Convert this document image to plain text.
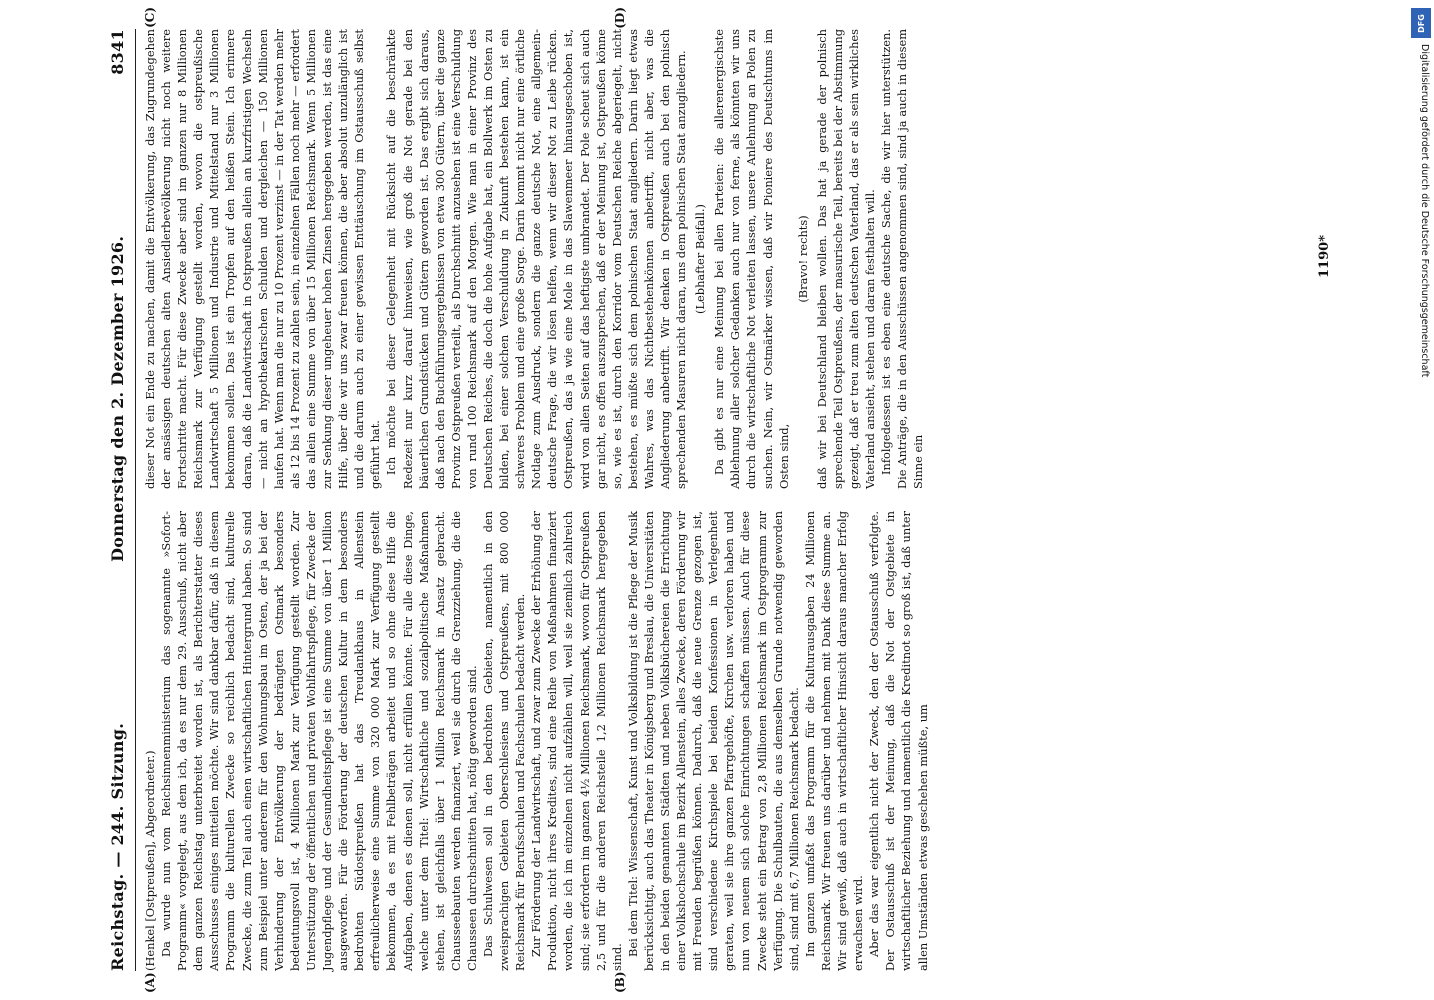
Reichstag. — 244. Sitzung.
Donnerstag den 2. Dezember 1926.
8341
(A)	(B)

(Henkel [Ostpreußen], Abgeordneter.) Da wurde nun vom Reichsinnenministerium das sogenannte »Sofort-Programm« vorgelegt, aus dem ich, da es nur dem 29. Ausschuß, nicht aber dem ganzen Reichstag unterbreitet worden ist, als Berichterstatter dieses Ausschusses einiges mitteilen möchte. Wir sind dankbar dafür, daß in diesem Programm die kulturellen Zwecke so reichlich bedacht sind, kulturelle Zwecke, die zum Teil auch einen wirtschaftlichen Hintergrund haben. So sind zum Beispiel unter anderem für den Wohnungsbau im Osten, der ja bei der Verhinderung der Entvölkerung der bedrängten Ostmark besonders bedeutungsvoll ist, 4 Millionen Mark zur Verfügung gestellt worden. Zur Unterstützung der öffentlichen und privaten Wohlfahrtspflege, für Zwecke der Jugendpflege und der Gesundheitspflege ist eine Summe von über 1 Million ausgeworfen. Für die Förderung der deutschen Kultur in dem besonders bedrohten Südostpreußen hat das Treudankhaus in Allenstein erfreulicherweise eine Summe von 320 000 Mark zur Verfügung gestellt bekommen, da es mit Fehlbeträgen arbeitet und so ohne diese Hilfe die Aufgaben, denen es dienen soll, nicht erfüllen könnte. Für alle diese Dinge, welche unter dem Titel: Wirtschaftliche und sozialpolitische Maßnahmen stehen, ist gleichfalls über 1 Million Reichsmark in Ansatz gebracht. Chausseebauten werden finanziert, weil sie durch die Grenzziehung, die die Chausseen durchschnitten hat, nötig geworden sind. Das Schulwesen soll in den bedrohten Gebieten, namentlich in den zweisprachigen Gebieten Oberschlesiens und Ostpreußens, mit 800 000 Reichsmark für Berufsschulen und Fachschulen bedacht werden. Zur Förderung der Landwirtschaft, und zwar zum Zwecke der Erhöhung der Produktion, nicht ihres Kredites, sind eine Reihe von Maßnahmen finanziert worden, die ich im einzelnen nicht aufzählen will, weil sie ziemlich zahlreich sind; sie erfordern im ganzen 4½ Millionen Reichsmark, wovon für Ostpreußen 2,5 und für die anderen Reichsteile 1,2 Millionen Reichsmark hergegeben sind.

Bei dem Titel: Wissenschaft, Kunst und Volksbildung ist die Pflege der Musik berücksichtigt, auch das Theater in Königsberg und Breslau, die Universitäten in den beiden genannten Städten und neben Volksbüchereien die Errichtung einer Volkshochschule im Bezirk Allenstein, alles Zwecke, deren Förderung wir mit Freuden begrüßen können. Dadurch, daß die neue Grenze gezogen ist, sind verschiedene Kirchspiele bei beiden Konfessionen in Verlegenheit geraten, weil sie ihre ganzen Pfarrgehöfte, Kirchen usw. verloren haben und nun von neuem sich solche Einrichtungen schaffen müssen. Auch für diese Zwecke steht ein Betrag von 2,8 Millionen Reichsmark im Ostprogramm zur Verfügung. Die Schulbauten, die aus demselben Grunde notwendig geworden sind, sind mit 6,7 Millionen Reichsmark bedacht. Im ganzen umfaßt das Programm für die Kulturausgaben 24 Millionen Reichsmark. Wir freuen uns darüber und nehmen mit Dank diese Summe an. Wir sind gewiß, daß auch in wirtschaftlicher Hinsicht daraus mancher Erfolg erwachsen wird. Aber das war eigentlich nicht der Zweck, den der Ostausschuß verfolgte. Der Ostausschuß ist der Meinung, daß die Not der Ostgebiete in wirtschaftlicher Beziehung und namentlich die Kreditnot so groß ist, daß unter allen Umständen etwas geschehen müßte, um

(C)	(D)

dieser Not ein Ende zu machen, damit die Entvölkerung, das Zugrundegehen der ansässigen deutschen alten Ansiedlerbevölkerung nicht noch weitere Fortschritte macht. Für diese Zwecke aber sind im ganzen nur 8 Millionen Reichsmark zur Verfügung gestellt worden, wovon die ostpreußische Landwirtschaft 5 Millionen und Industrie und Mittelstand nur 3 Millionen bekommen sollen. Das ist ein Tropfen auf den heißen Stein. Ich erinnere daran, daß die Landwirtschaft in Ostpreußen allein an kurzfristigen Wechseln — nicht an hypothekarischen Schulden und dergleichen — 150 Millionen laufen hat. Wenn man die nur zu 10 Prozent verzinst — in der Tat werden mehr als 12 bis 14 Prozent zu zahlen sein, in einzelnen Fällen noch mehr — erfordert das allein eine Summe von über 15 Millionen Reichsmark. Wenn 5 Millionen zur Senkung dieser ungeheuer hohen Zinsen hergegeben werden, ist das eine Hilfe, über die wir uns zwar freuen können, die aber absolut unzulänglich ist und die darum auch zu einer gewissen Enttäuschung im Ostausschuß selbst geführt hat. Ich möchte bei dieser Gelegenheit mit Rücksicht auf die beschränkte Redezeit nur kurz darauf hinweisen, wie groß die Not gerade bei den bäuerlichen Grundstücken und Gütern geworden ist. Das ergibt sich daraus, daß nach den Buchführungsergebnissen von etwa 300 Gütern, über die ganze Provinz Ostpreußen verteilt, als Durchschnitt anzusehen ist eine Verschuldung von rund 100 Reichsmark auf den Morgen. Wie man in einer Provinz des Deutschen Reiches, die doch die hohe Aufgabe hat, ein Bollwerk im Osten zu bilden, bei einer solchen Verschuldung in Zukunft bestehen kann, ist ein schweres Problem und eine große Sorge. Darin kommt nicht nur eine örtliche Notlage zum Ausdruck, sondern die ganze deutsche Not, eine allgemein-deutsche Frage, die wir lösen helfen, wenn wir dieser Not zu Leibe rücken. Ostpreußen, das ja wie eine Mole in das Slawenmeer hinausgeschoben ist, wird von allen Seiten auf das heftigste umbrandet. Der Pole scheut sich auch gar nicht, es offen auszusprechen, daß er der Meinung ist, Ostpreußen könne so, wie es ist, durch den Korridor vom Deutschen Reiche abgeriegelt, nicht bestehen, es müßte sich dem polnischen Staat angliedern. Darin liegt etwas Wahres, was das Nichtbestehenkönnen anbetrifft, nicht aber, was die Angliederung anbetrifft. Wir denken in Ostpreußen auch bei den polnisch sprechenden Masuren nicht daran, uns dem polnischen Staat anzugliedern. (Lebhafter Beifall.) Da gibt es nur eine Meinung bei allen Parteien: die allerenergischste Ablehnung aller solcher Gedanken auch nur von ferne, als könnten wir uns durch die wirtschaftliche Not verleiten lassen, unsere Anlehnung an Polen zu suchen. Nein, wir Ostmärker wissen, daß wir Pioniere des Deutschtums im Osten sind,

(Bravo! rechts) daß wir bei Deutschland bleiben wollen. Das hat ja gerade der polnisch sprechende Teil Ostpreußens, der masurische Teil, bereits bei der Abstimmung gezeigt, daß er treu zum alten deutschen Vaterland, das er als sein wirkliches Vaterland ansieht, stehen und daran festhalten will. Infolgedessen ist es eben eine deutsche Sache, die wir hier unterstützen. Die Anträge, die in den Ausschüssen angenommen sind, sind ja auch in diesem Sinne ein

1190*
DFG
Digitalisierung gefördert durch die Deutsche Forschungsgemeinschaft
